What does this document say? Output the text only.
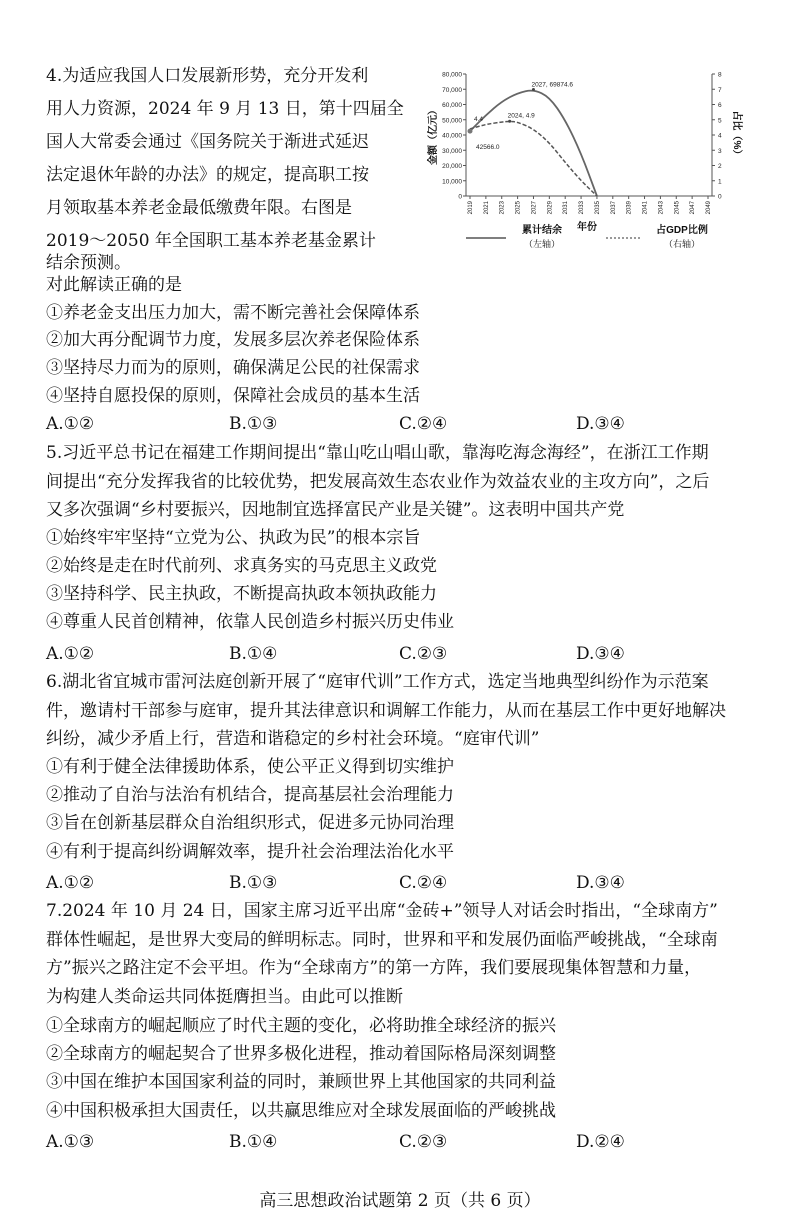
4.为适应我国人口发展新形势，充分开发利
用人力资源，2024 年 9 月 13 日，第十四届全
国人大常委会通过《国务院关于渐进式延迟
法定退休年龄的办法》的规定，提高职工按
月领取基本养老金最低缴费年限。右图是
2019～2050 年全国职工基本养老基金累计
结余预测。
对此解读正确的是
①养老金支出压力加大，需不断完善社会保障体系
②加大再分配调节力度，发展多层次养老保险体系
③坚持尽力而为的原则，确保满足公民的社保需求
④坚持自愿投保的原则，保障社会成员的基本生活
A.①②	B.①③	C.②④	D.③④
0
10,000
20,000
30,000
40,000
50,000
60,000
70,000
80,000
0
1
2
3
4
5
6
7
8
2019 2021 2023 2025 2027 2029 2031 2033 2035 2037 2039 2041 2043 2045 2047 2049
年份
金额（亿元）	占比（%）
2027, 69874.6
2024, 4.9
4.4
42566.0
累计结余
（左轴）
占GDP比例
（右轴）
5.习近平总书记在福建工作期间提出“靠山吃山唱山歌，靠海吃海念海经”，在浙江工作期
间提出“充分发挥我省的比较优势，把发展高效生态农业作为效益农业的主攻方向”，之后
又多次强调“乡村要振兴，因地制宜选择富民产业是关键”。这表明中国共产党
①始终牢牢坚持“立党为公、执政为民”的根本宗旨
②始终是走在时代前列、求真务实的马克思主义政党
③坚持科学、民主执政，不断提高执政本领执政能力
④尊重人民首创精神，依靠人民创造乡村振兴历史伟业
A.①②	B.①④	C.②③	D.③④
6.湖北省宜城市雷河法庭创新开展了“庭审代训”工作方式，选定当地典型纠纷作为示范案
件，邀请村干部参与庭审，提升其法律意识和调解工作能力，从而在基层工作中更好地解决
纠纷，减少矛盾上行，营造和谐稳定的乡村社会环境。“庭审代训”
①有利于健全法律援助体系，使公平正义得到切实维护
②推动了自治与法治有机结合，提高基层社会治理能力
③旨在创新基层群众自治组织形式，促进多元协同治理
④有利于提高纠纷调解效率，提升社会治理法治化水平
A.①②	B.①③	C.②④	D.③④
7.2024 年 10 月 24 日，国家主席习近平出席“金砖+”领导人对话会时指出，“全球南方”
群体性崛起，是世界大变局的鲜明标志。同时，世界和平和发展仍面临严峻挑战，“全球南
方”振兴之路注定不会平坦。作为“全球南方”的第一方阵，我们要展现集体智慧和力量，
为构建人类命运共同体挺膺担当。由此可以推断
①全球南方的崛起顺应了时代主题的变化，必将助推全球经济的振兴
②全球南方的崛起契合了世界多极化进程，推动着国际格局深刻调整
③中国在维护本国国家利益的同时，兼顾世界上其他国家的共同利益
④中国积极承担大国责任，以共赢思维应对全球发展面临的严峻挑战
A.①③	B.①④	C.②③	D.②④
高三思想政治试题第 2 页（共 6 页）
